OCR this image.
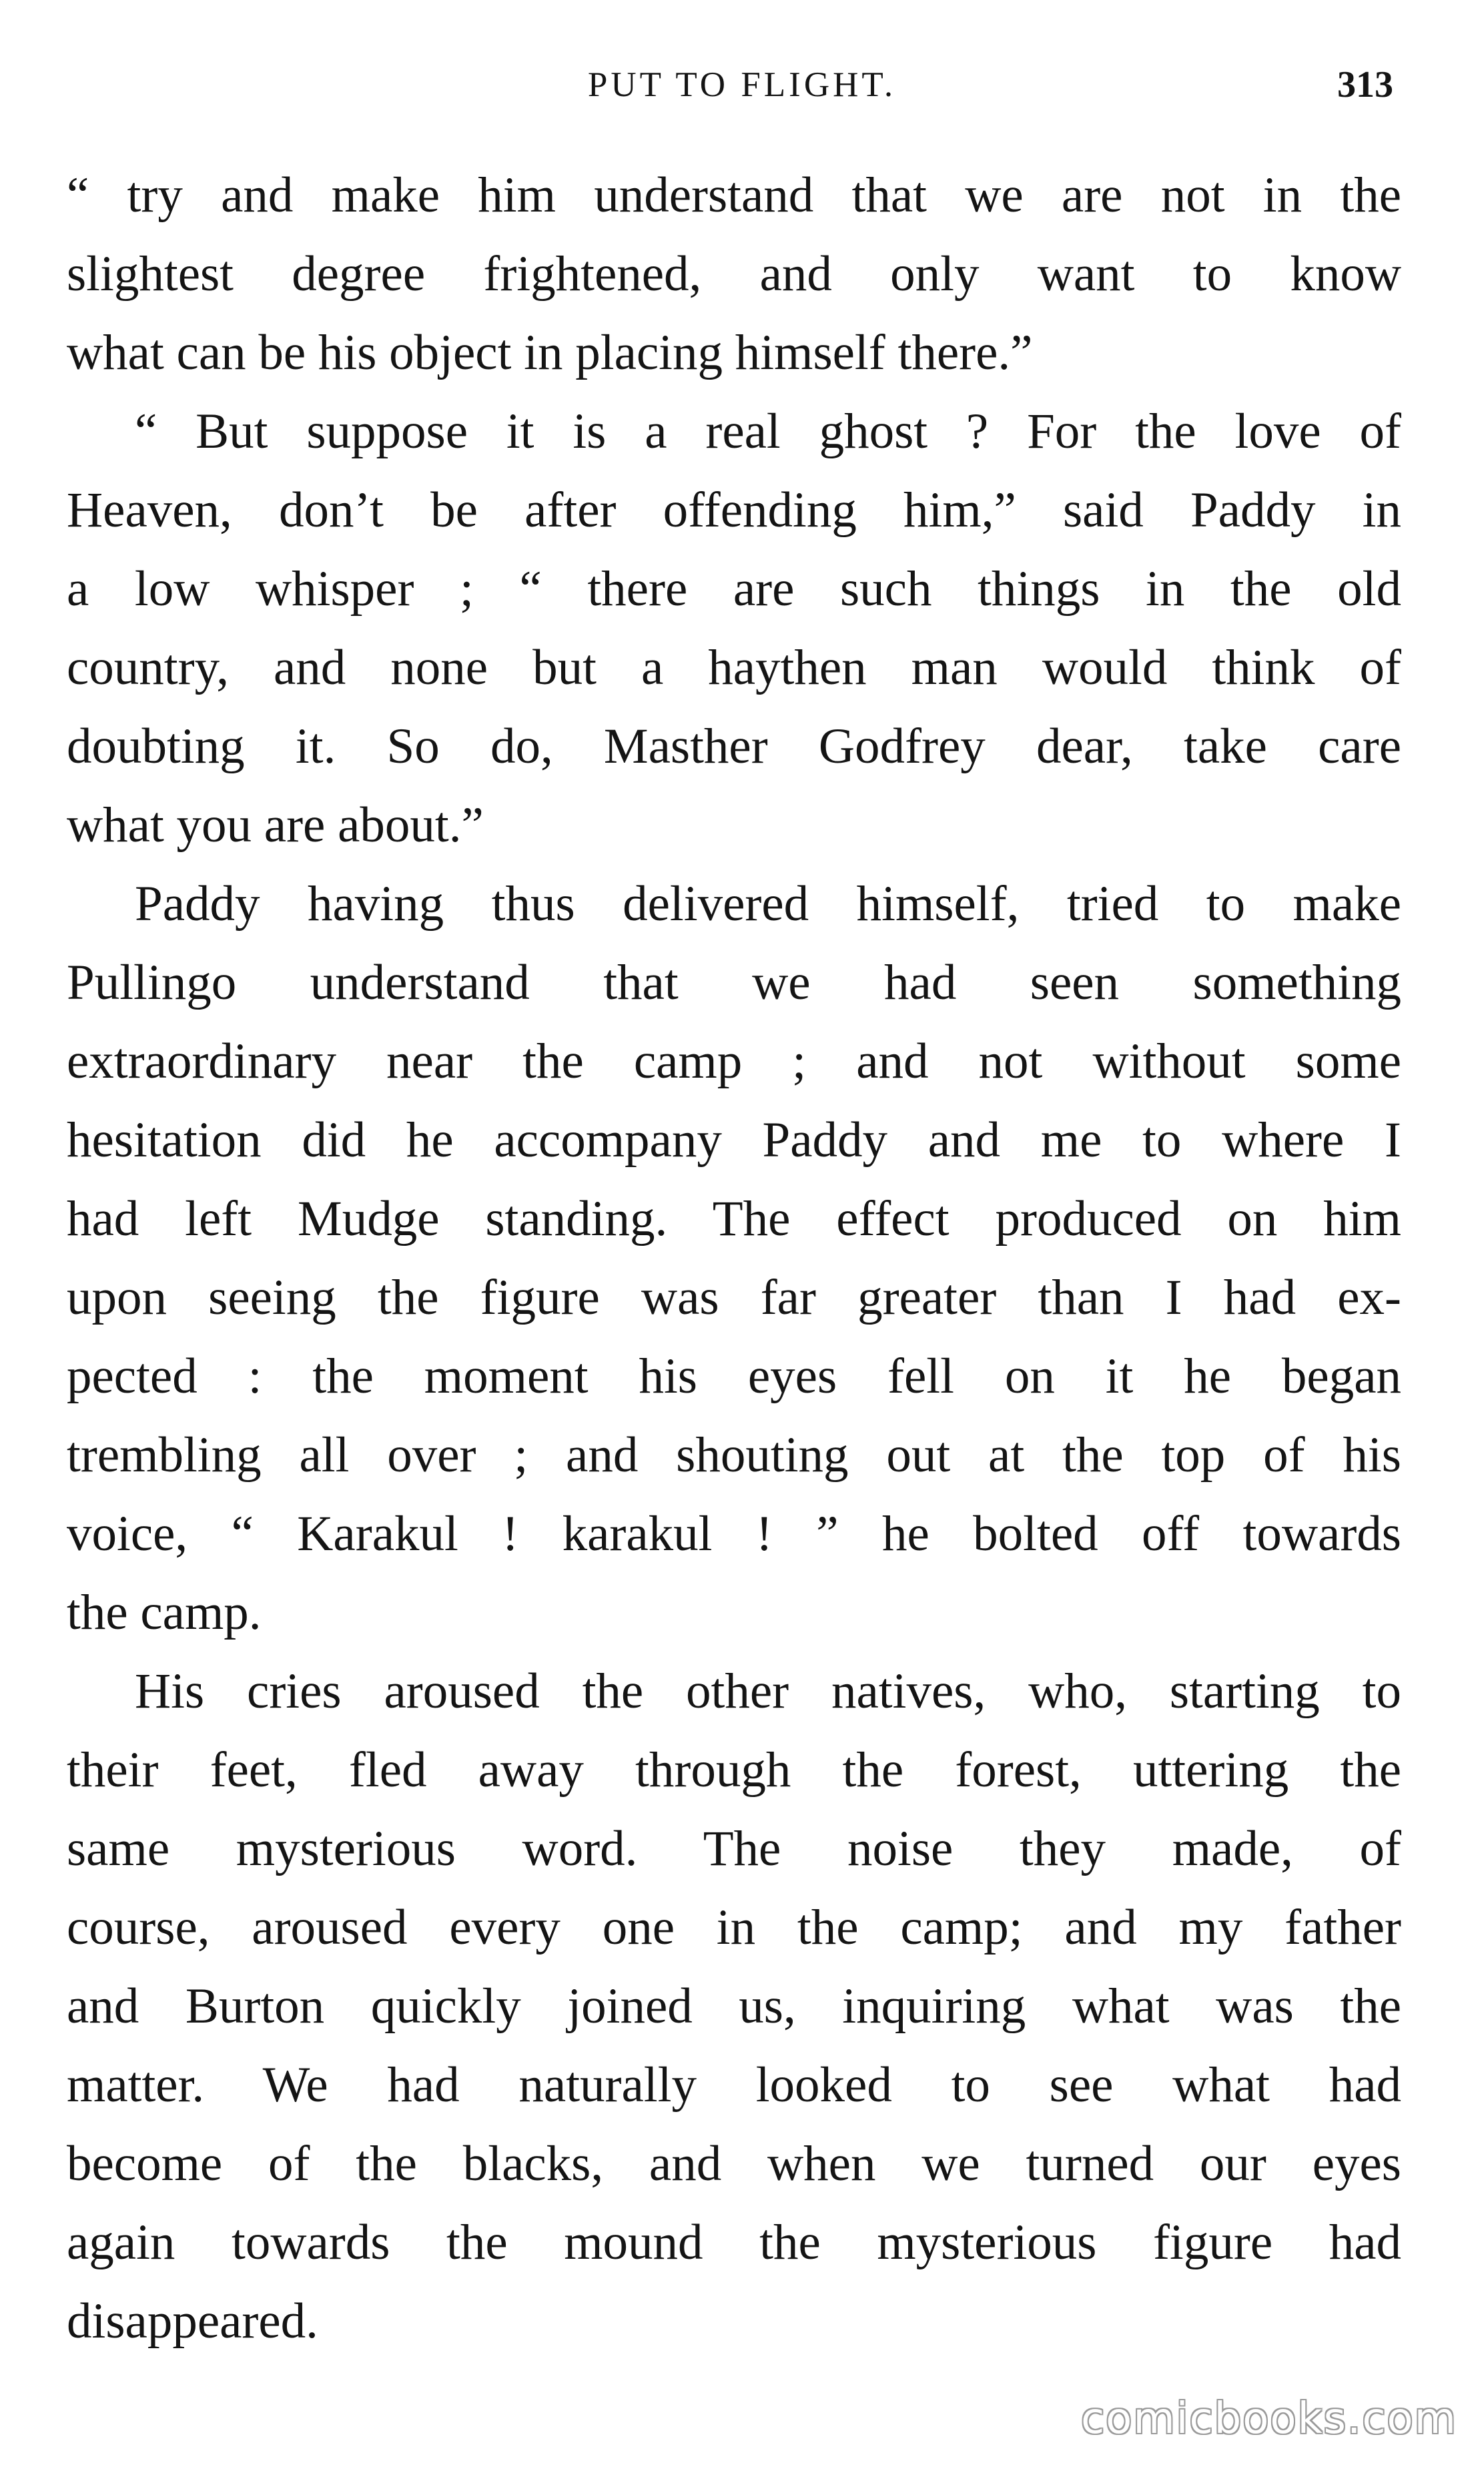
PUT TO FLIGHT.	313
“ try and make him understand that we are not in the
slightest degree frightened, and only want to know
what can be his object in placing himself there.”
“ But suppose it is a real ghost ? For the love of
Heaven, don’t be after offending him,” said Paddy in
a low whisper ; “ there are such things in the old
country, and none but a haythen man would think of
doubting it. So do, Masther Godfrey dear, take care
what you are about.”
Paddy having thus delivered himself, tried to make
Pullingo understand that we had seen something
extraordinary near the camp ; and not without some
hesitation did he accompany Paddy and me to where I
had left Mudge standing. The effect produced on him
upon seeing the figure was far greater than I had ex-
pected : the moment his eyes fell on it he began
trembling all over ; and shouting out at the top of his
voice, “ Karakul ! karakul ! ” he bolted off towards
the camp.
His cries aroused the other natives, who, starting to
their feet, fled away through the forest, uttering the
same mysterious word. The noise they made, of
course, aroused every one in the camp; and my father
and Burton quickly joined us, inquiring what was the
matter. We had naturally looked to see what had
become of the blacks, and when we turned our eyes
again towards the mound the mysterious figure had
disappeared.
comicbooks.com
